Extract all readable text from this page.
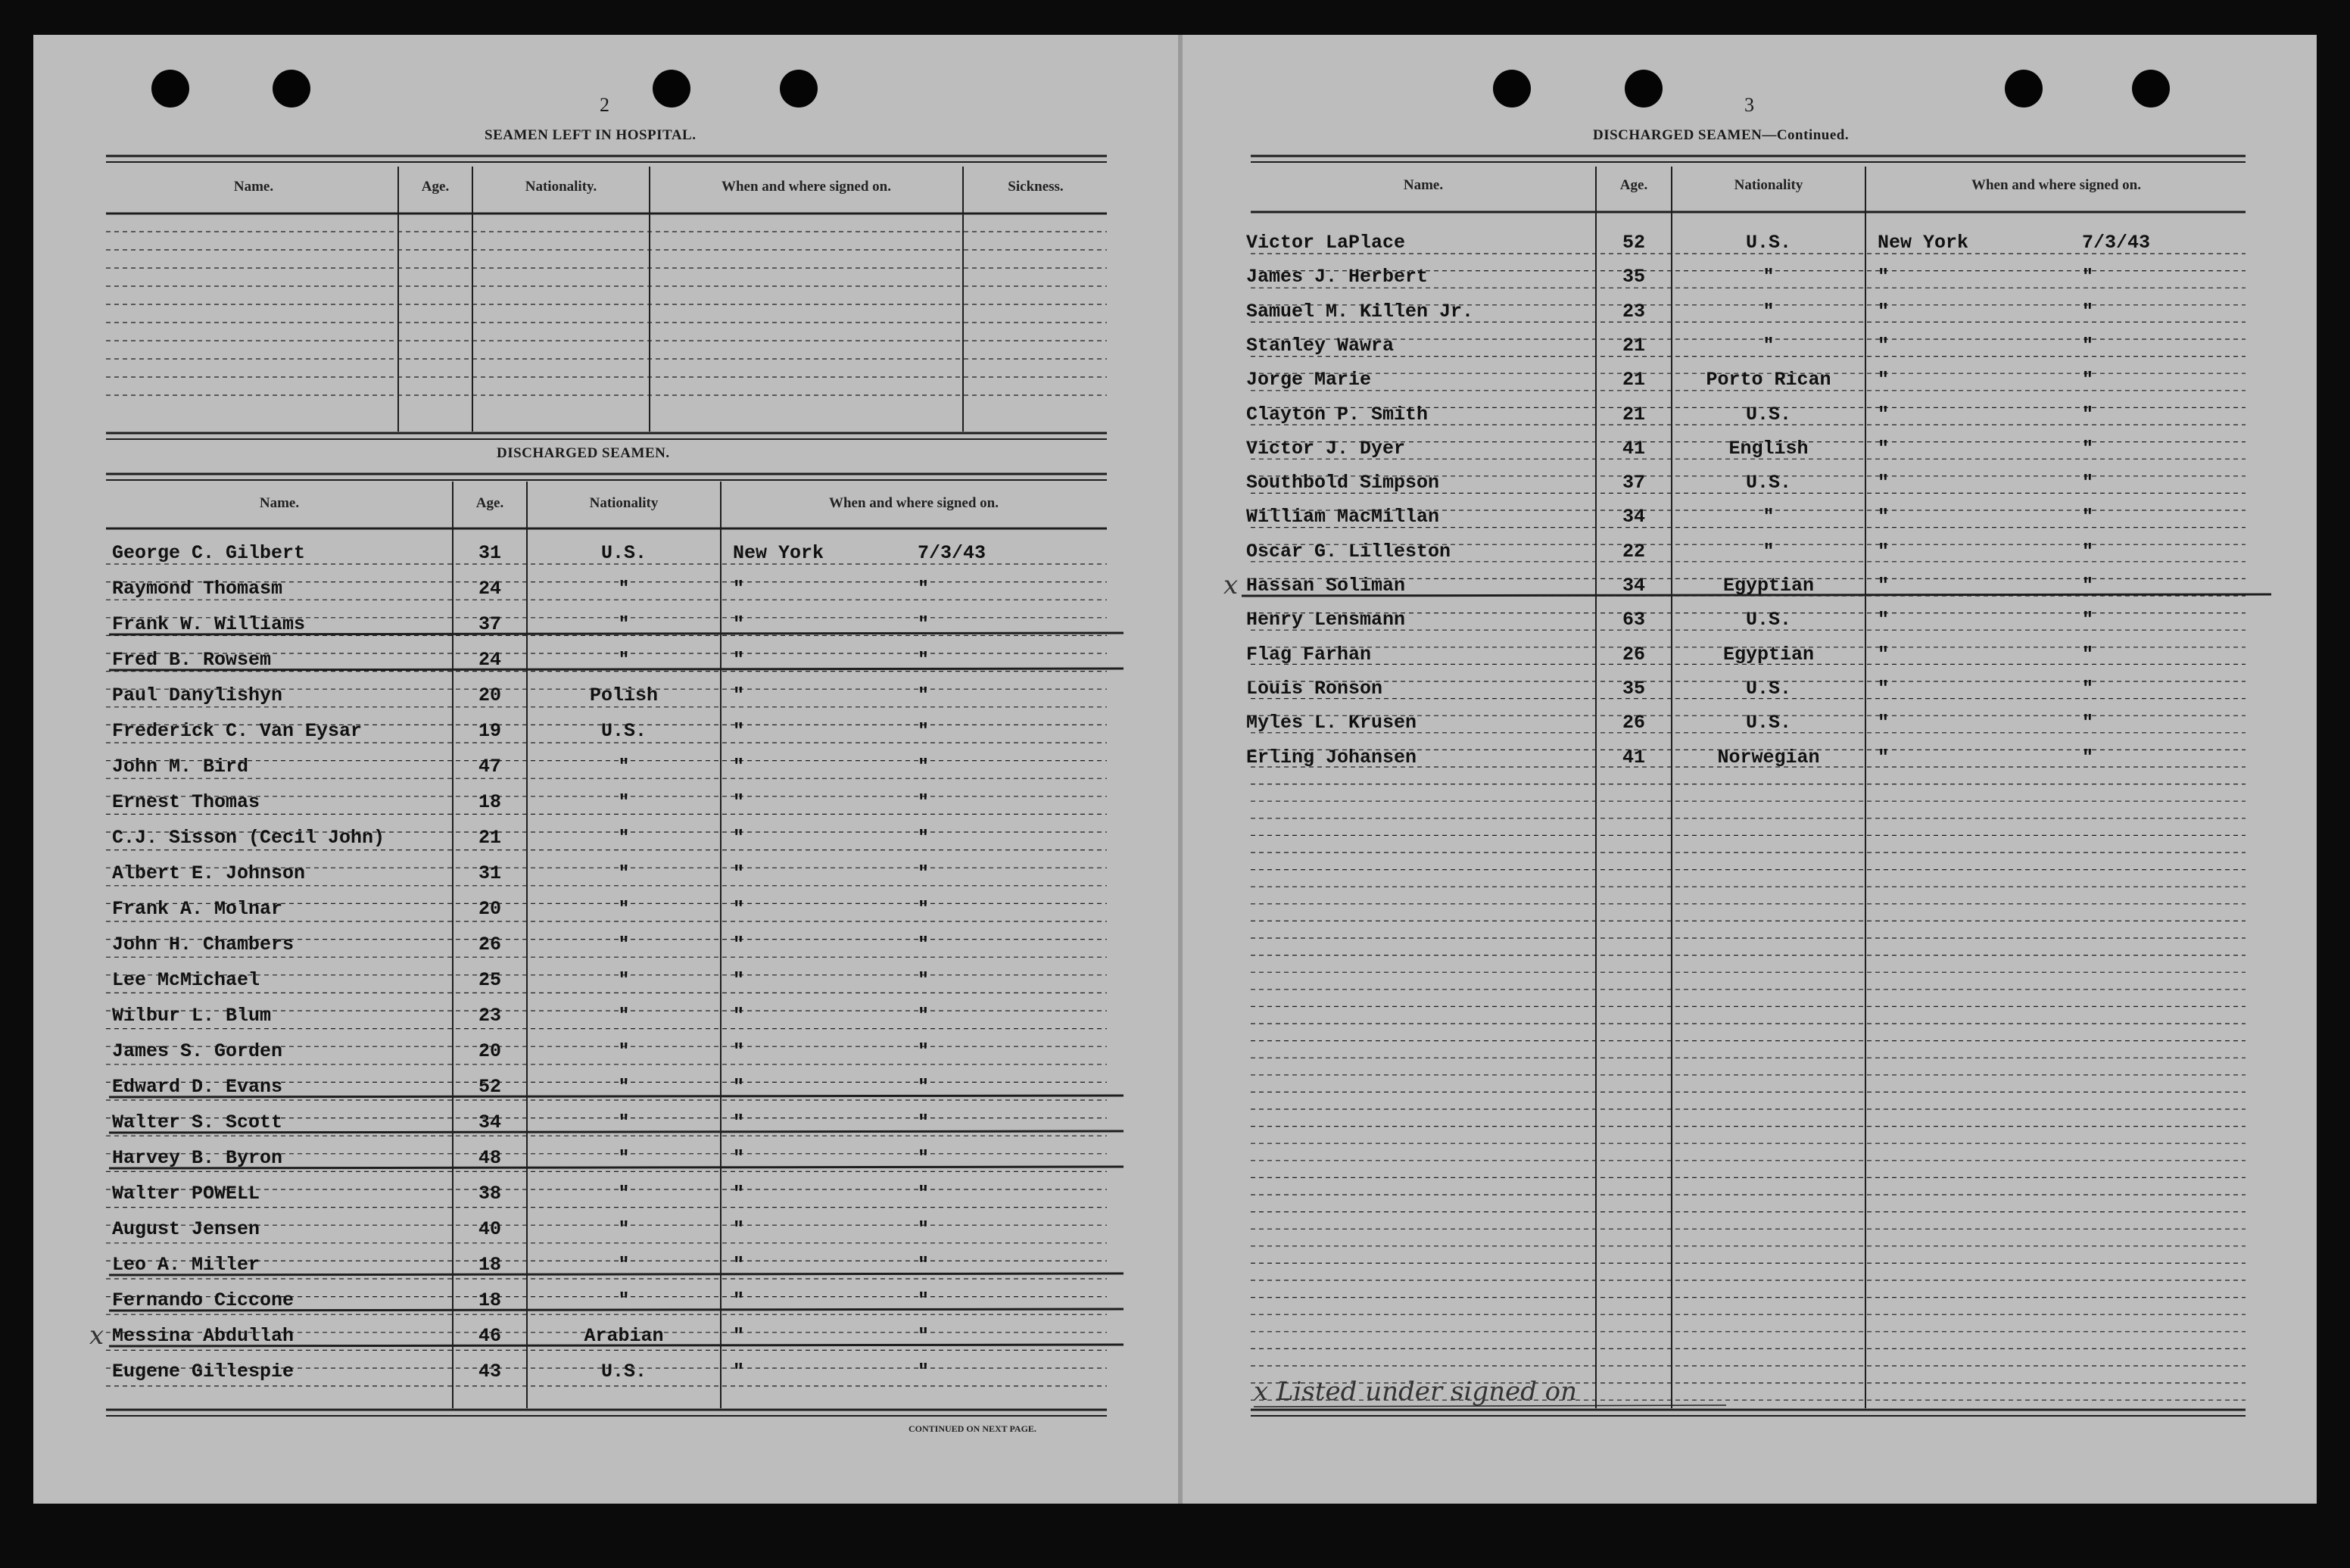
2
SEAMEN LEFT IN HOSPITAL.
Name.	Age.	Nationality.	When and where signed on.	Sickness.
DISCHARGED SEAMEN.
Name.	Age.	Nationality	When and where signed on.
George C. Gilbert	31	U.S.	New York	7/3/43
Raymond Thomasm	24	"	"	"
Frank W. Williams	37	"	"	"
Fred B. Rowsem	24	"	"	"
Paul Danylishyn	20	Polish	"	"
Frederick C. Van Eysar	19	U.S.	"	"
John M. Bird	47	"	"	"
Ernest Thomas	18	"	"	"
C.J. Sisson (Cecil John)	21	"	"	"
Albert E. Johnson	31	"	"	"
Frank A. Molnar	20	"	"	"
John H. Chambers	26	"	"	"
Lee McMichael	25	"	"	"
Wilbur L. Blum	23	"	"	"
James S. Gorden	20	"	"	"
Edward D. Evans	52	"	"	"
Walter S. Scott	34	"	"	"
Harvey B. Byron	48	"	"	"
Walter POWELL	38	"	"	"
August Jensen	40	"	"	"
Leo A. Miller	18	"	"	"
Fernando Ciccone	18	"	"	"
Messina Abdullah	46	Arabian	"	"
x
Eugene Gillespie	43	U.S.	"	"
CONTINUED ON NEXT PAGE.
3
DISCHARGED SEAMEN—Continued.
Name.	Age.	Nationality	When and where signed on.
Victor LaPlace	52	U.S.	New York	7/3/43
James J. Herbert	35	"	"	"
Samuel M. Killen Jr.	23	"	"	"
Stanley Wawra	21	"	"	"
Jorge Marie	21	Porto Rican	"	"
Clayton P. Smith	21	U.S.	"	"
Victor J. Dyer	41	English	"	"
Southbold Simpson	37	U.S.	"	"
William MacMillan	34	"	"	"
Oscar G. Lilleston	22	"	"	"
Hassan Soliman	34	Egyptian	"	"
x
Henry Lensmann	63	U.S.	"	"
Flag Farhan	26	Egyptian	"	"
Louis Ronson	35	U.S.	"	"
Myles L. Krusen	26	U.S.	"	"
Erling Johansen	41	Norwegian	"	"
x Listed under signed on
